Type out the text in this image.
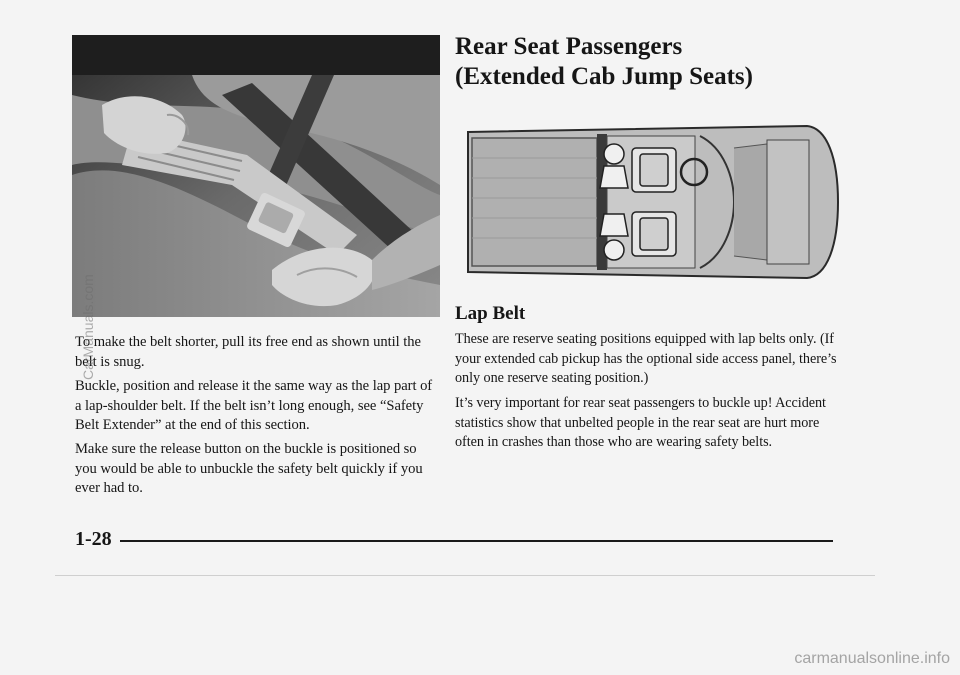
To make the belt shorter, pull its free end as shown until the belt is snug.

Buckle, position and release it the same way as the lap part of a lap-shoulder belt. If the belt isn’t long enough, see “Safety Belt Extender” at the end of this section.

Make sure the release button on the buckle is positioned so you would be able to unbuckle the safety belt quickly if you ever had to.

Rear Seat Passengers
(Extended Cab Jump Seats)
Lap Belt

These are reserve seating positions equipped with lap belts only. (If your extended cab pickup has the optional side access panel, there’s only one reserve seating position.)

It’s very important for rear seat passengers to buckle up! Accident statistics show that unbelted people in the rear seat are hurt more often in crashes than those who are wearing safety belts.

1-28

CarManuals.com
carmanualsonline.info
